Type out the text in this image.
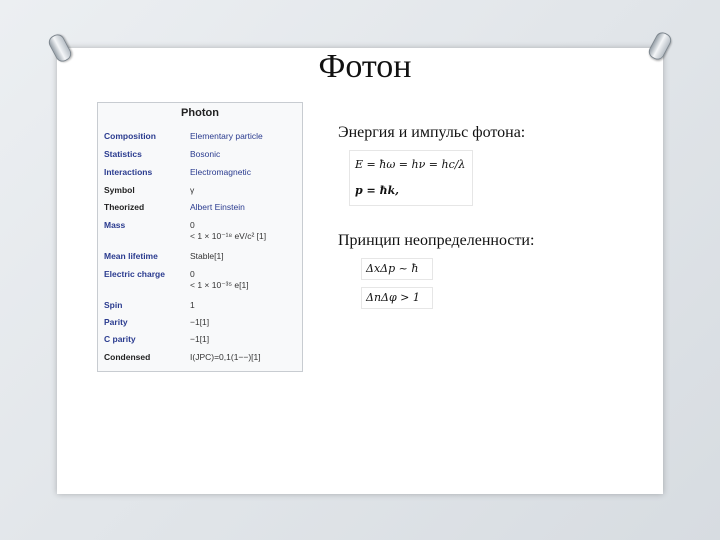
Фотон
Photon
Composition	Elementary particle
Statistics	Bosonic
Interactions	Electromagnetic
Symbol	γ
Theorized	Albert Einstein
Mass	0
< 1 × 10⁻¹⁸ eV/c² [1]
Mean lifetime	Stable[1]
Electric charge	0
< 1 × 10⁻³⁵ e[1]
Spin	1
Parity	−1[1]
C parity	−1[1]
Condensed	I(JPC)=0,1(1−−)[1]
Энергия и импульс фотона:
E = ħω = hν = hc/λ
p = ħk,
Принцип неопределенности:
ΔxΔp ~ ħ
ΔnΔφ > 1
